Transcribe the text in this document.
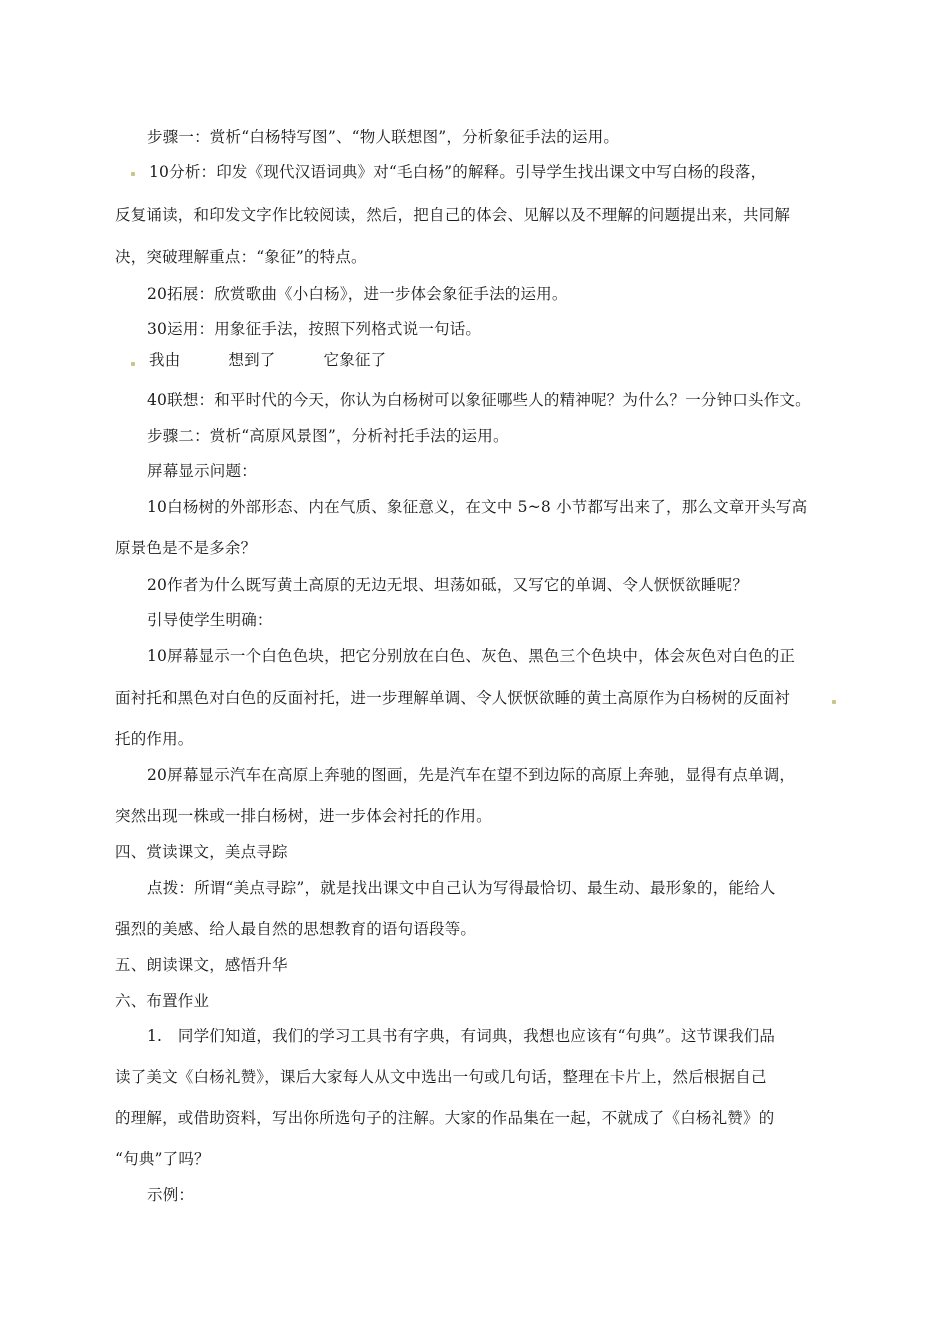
步骤一：赏析“白杨特写图”、“物人联想图”，分析象征手法的运用。
10分析：印发《现代汉语词典》对“毛白杨”的解释。引导学生找出课文中写白杨的段落，
反复诵读，和印发文字作比较阅读，然后，把自己的体会、见解以及不理解的问题提出来，共同解
决，突破理解重点：“象征”的特点。
20拓展：欣赏歌曲《小白杨》，进一步体会象征手法的运用。
30运用：用象征手法，按照下列格式说一句话。
我由	想到了	它象征了
40联想：和平时代的今天，你认为白杨树可以象征哪些人的精神呢？为什么？一分钟口头作文。
步骤二：赏析“高原风景图”，分析衬托手法的运用。
屏幕显示问题：
10白杨树的外部形态、内在气质、象征意义，在文中 5~8 小节都写出来了，那么文章开头写高
原景色是不是多余？
20作者为什么既写黄土高原的无边无垠、坦荡如砥，又写它的单调、令人恹恹欲睡呢？
引导使学生明确：
10屏幕显示一个白色色块，把它分别放在白色、灰色、黑色三个色块中，体会灰色对白色的正
面衬托和黑色对白色的反面衬托，进一步理解单调、令人恹恹欲睡的黄土高原作为白杨树的反面衬
托的作用。
20屏幕显示汽车在高原上奔驰的图画，先是汽车在望不到边际的高原上奔驰，显得有点单调，
突然出现一株或一排白杨树，进一步体会衬托的作用。
四、赏读课文，美点寻踪
点拨：所谓“美点寻踪”，就是找出课文中自己认为写得最恰切、最生动、最形象的，能给人
强烈的美感、给人最自然的思想教育的语句语段等。
五、朗读课文，感悟升华
六、布置作业
1.　同学们知道，我们的学习工具书有字典，有词典，我想也应该有“句典”。这节课我们品
读了美文《白杨礼赞》，课后大家每人从文中选出一句或几句话，整理在卡片上，然后根据自己
的理解，或借助资料，写出你所选句子的注解。大家的作品集在一起，不就成了《白杨礼赞》的
“句典”了吗？
示例：
